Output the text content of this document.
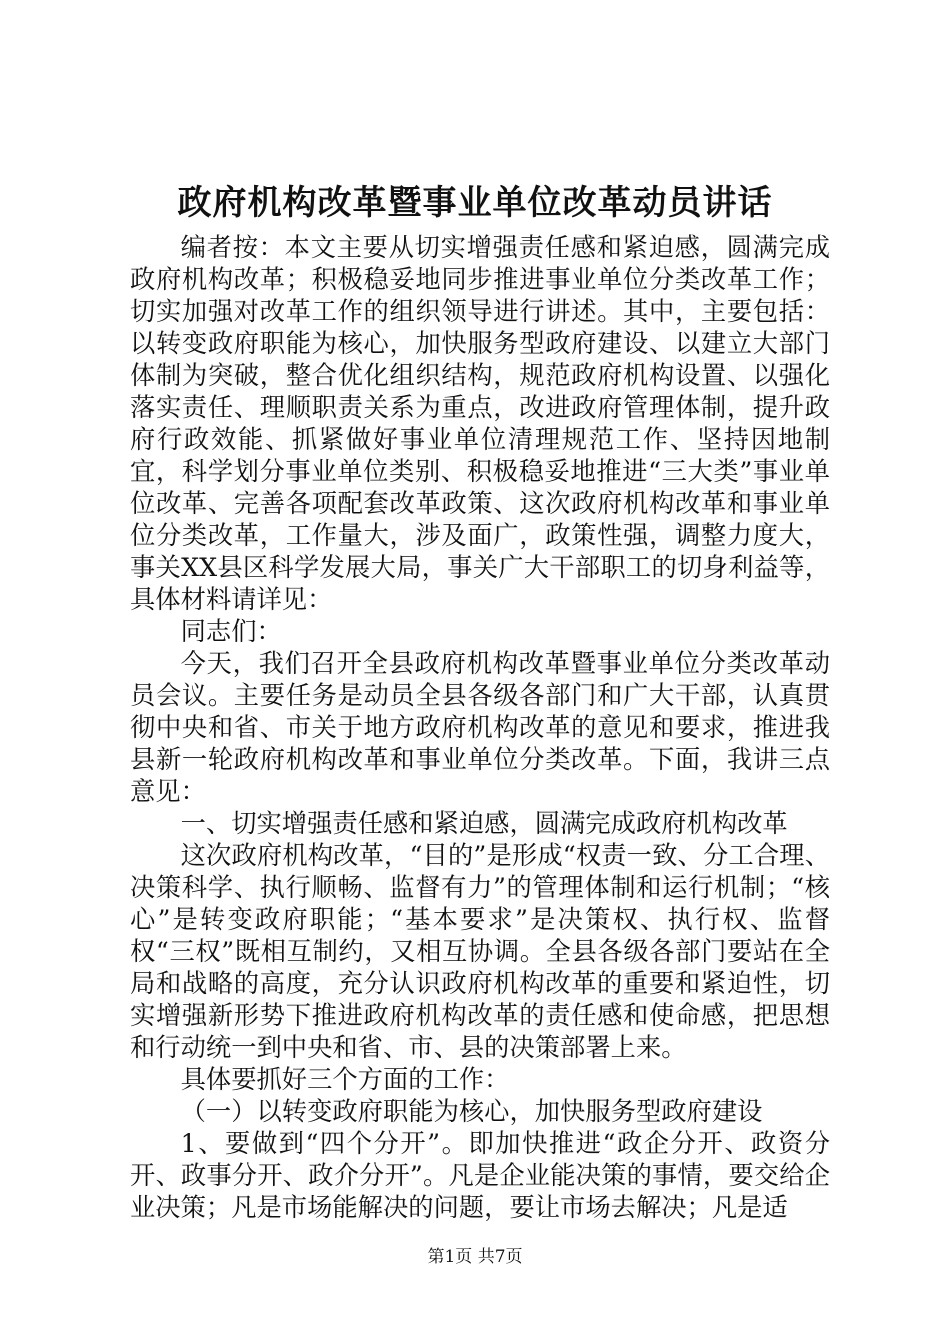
政府机构改革暨事业单位改革动员讲话

编者按：本文主要从切实增强责任感和紧迫感，圆满完成政府机构改革；积极稳妥地同步推进事业单位分类改革工作；切实加强对改革工作的组织领导进行讲述。其中，主要包括：以转变政府职能为核心，加快服务型政府建设、以建立大部门体制为突破，整合优化组织结构，规范政府机构设置、以强化落实责任、理顺职责关系为重点，改进政府管理体制，提升政府行政效能、抓紧做好事业单位清理规范工作、坚持因地制宜，科学划分事业单位类别、积极稳妥地推进“三大类”事业单位改革、完善各项配套改革政策、这次政府机构改革和事业单位分类改革，工作量大，涉及面广，政策性强，调整力度大，事关XX县区科学发展大局，事关广大干部职工的切身利益等，具体材料请详见：

同志们：

今天，我们召开全县政府机构改革暨事业单位分类改革动员会议。主要任务是动员全县各级各部门和广大干部，认真贯彻中央和省、市关于地方政府机构改革的意见和要求，推进我县新一轮政府机构改革和事业单位分类改革。下面，我讲三点意见：

一、切实增强责任感和紧迫感，圆满完成政府机构改革

这次政府机构改革，“目的”是形成“权责一致、分工合理、决策科学、执行顺畅、监督有力”的管理体制和运行机制；“核心”是转变政府职能；“基本要求”是决策权、执行权、监督权“三权”既相互制约，又相互协调。全县各级各部门要站在全局和战略的高度，充分认识政府机构改革的重要和紧迫性，切实增强新形势下推进政府机构改革的责任感和使命感，把思想和行动统一到中央和省、市、县的决策部署上来。

具体要抓好三个方面的工作：

（一）以转变政府职能为核心，加快服务型政府建设

1、要做到“四个分开”。即加快推进“政企分开、政资分开、政事分开、政介分开”。凡是企业能决策的事情，要交给企业决策；凡是市场能解决的问题，要让市场去解决；凡是适

第1页 共7页
